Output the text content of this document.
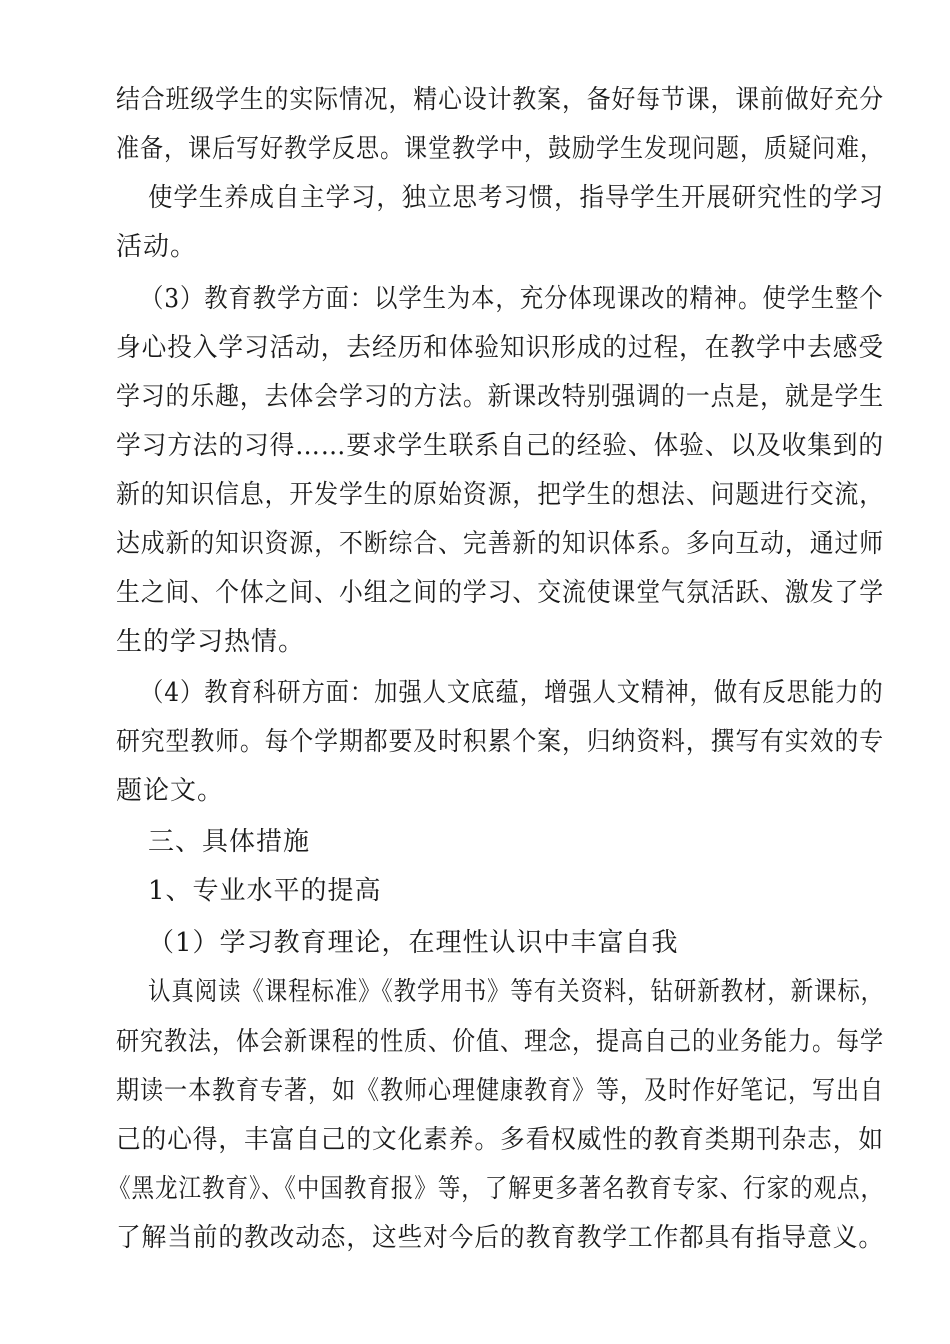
结合班级学生的实际情况，精心设计教案，备好每节课，课前做好充分
准备，课后写好教学反思。课堂教学中，鼓励学生发现问题，质疑问难，
使学生养成自主学习，独立思考习惯，指导学生开展研究性的学习
活动。
（3）教育教学方面：以学生为本，充分体现课改的精神。使学生整个
身心投入学习活动，去经历和体验知识形成的过程，在教学中去感受
学习的乐趣，去体会学习的方法。新课改特别强调的一点是，就是学生
学习方法的习得……要求学生联系自己的经验、体验、以及收集到的
新的知识信息，开发学生的原始资源，把学生的想法、问题进行交流，
达成新的知识资源，不断综合、完善新的知识体系。多向互动，通过师
生之间、个体之间、小组之间的学习、交流使课堂气氛活跃、激发了学
生的学习热情。
（4）教育科研方面：加强人文底蕴，增强人文精神，做有反思能力的
研究型教师。每个学期都要及时积累个案，归纳资料，撰写有实效的专
题论文。
三、具体措施
1、专业水平的提高
（1）学习教育理论，在理性认识中丰富自我
认真阅读《课程标准》《教学用书》等有关资料，钻研新教材，新课标，
研究教法，体会新课程的性质、价值、理念，提高自己的业务能力。每学
期读一本教育专著，如《教师心理健康教育》等，及时作好笔记，写出自
己的心得，丰富自己的文化素养。多看权威性的教育类期刊杂志，如
《黑龙江教育》、《中国教育报》等，了解更多著名教育专家、行家的观点，
了解当前的教改动态，这些对今后的教育教学工作都具有指导意义。
